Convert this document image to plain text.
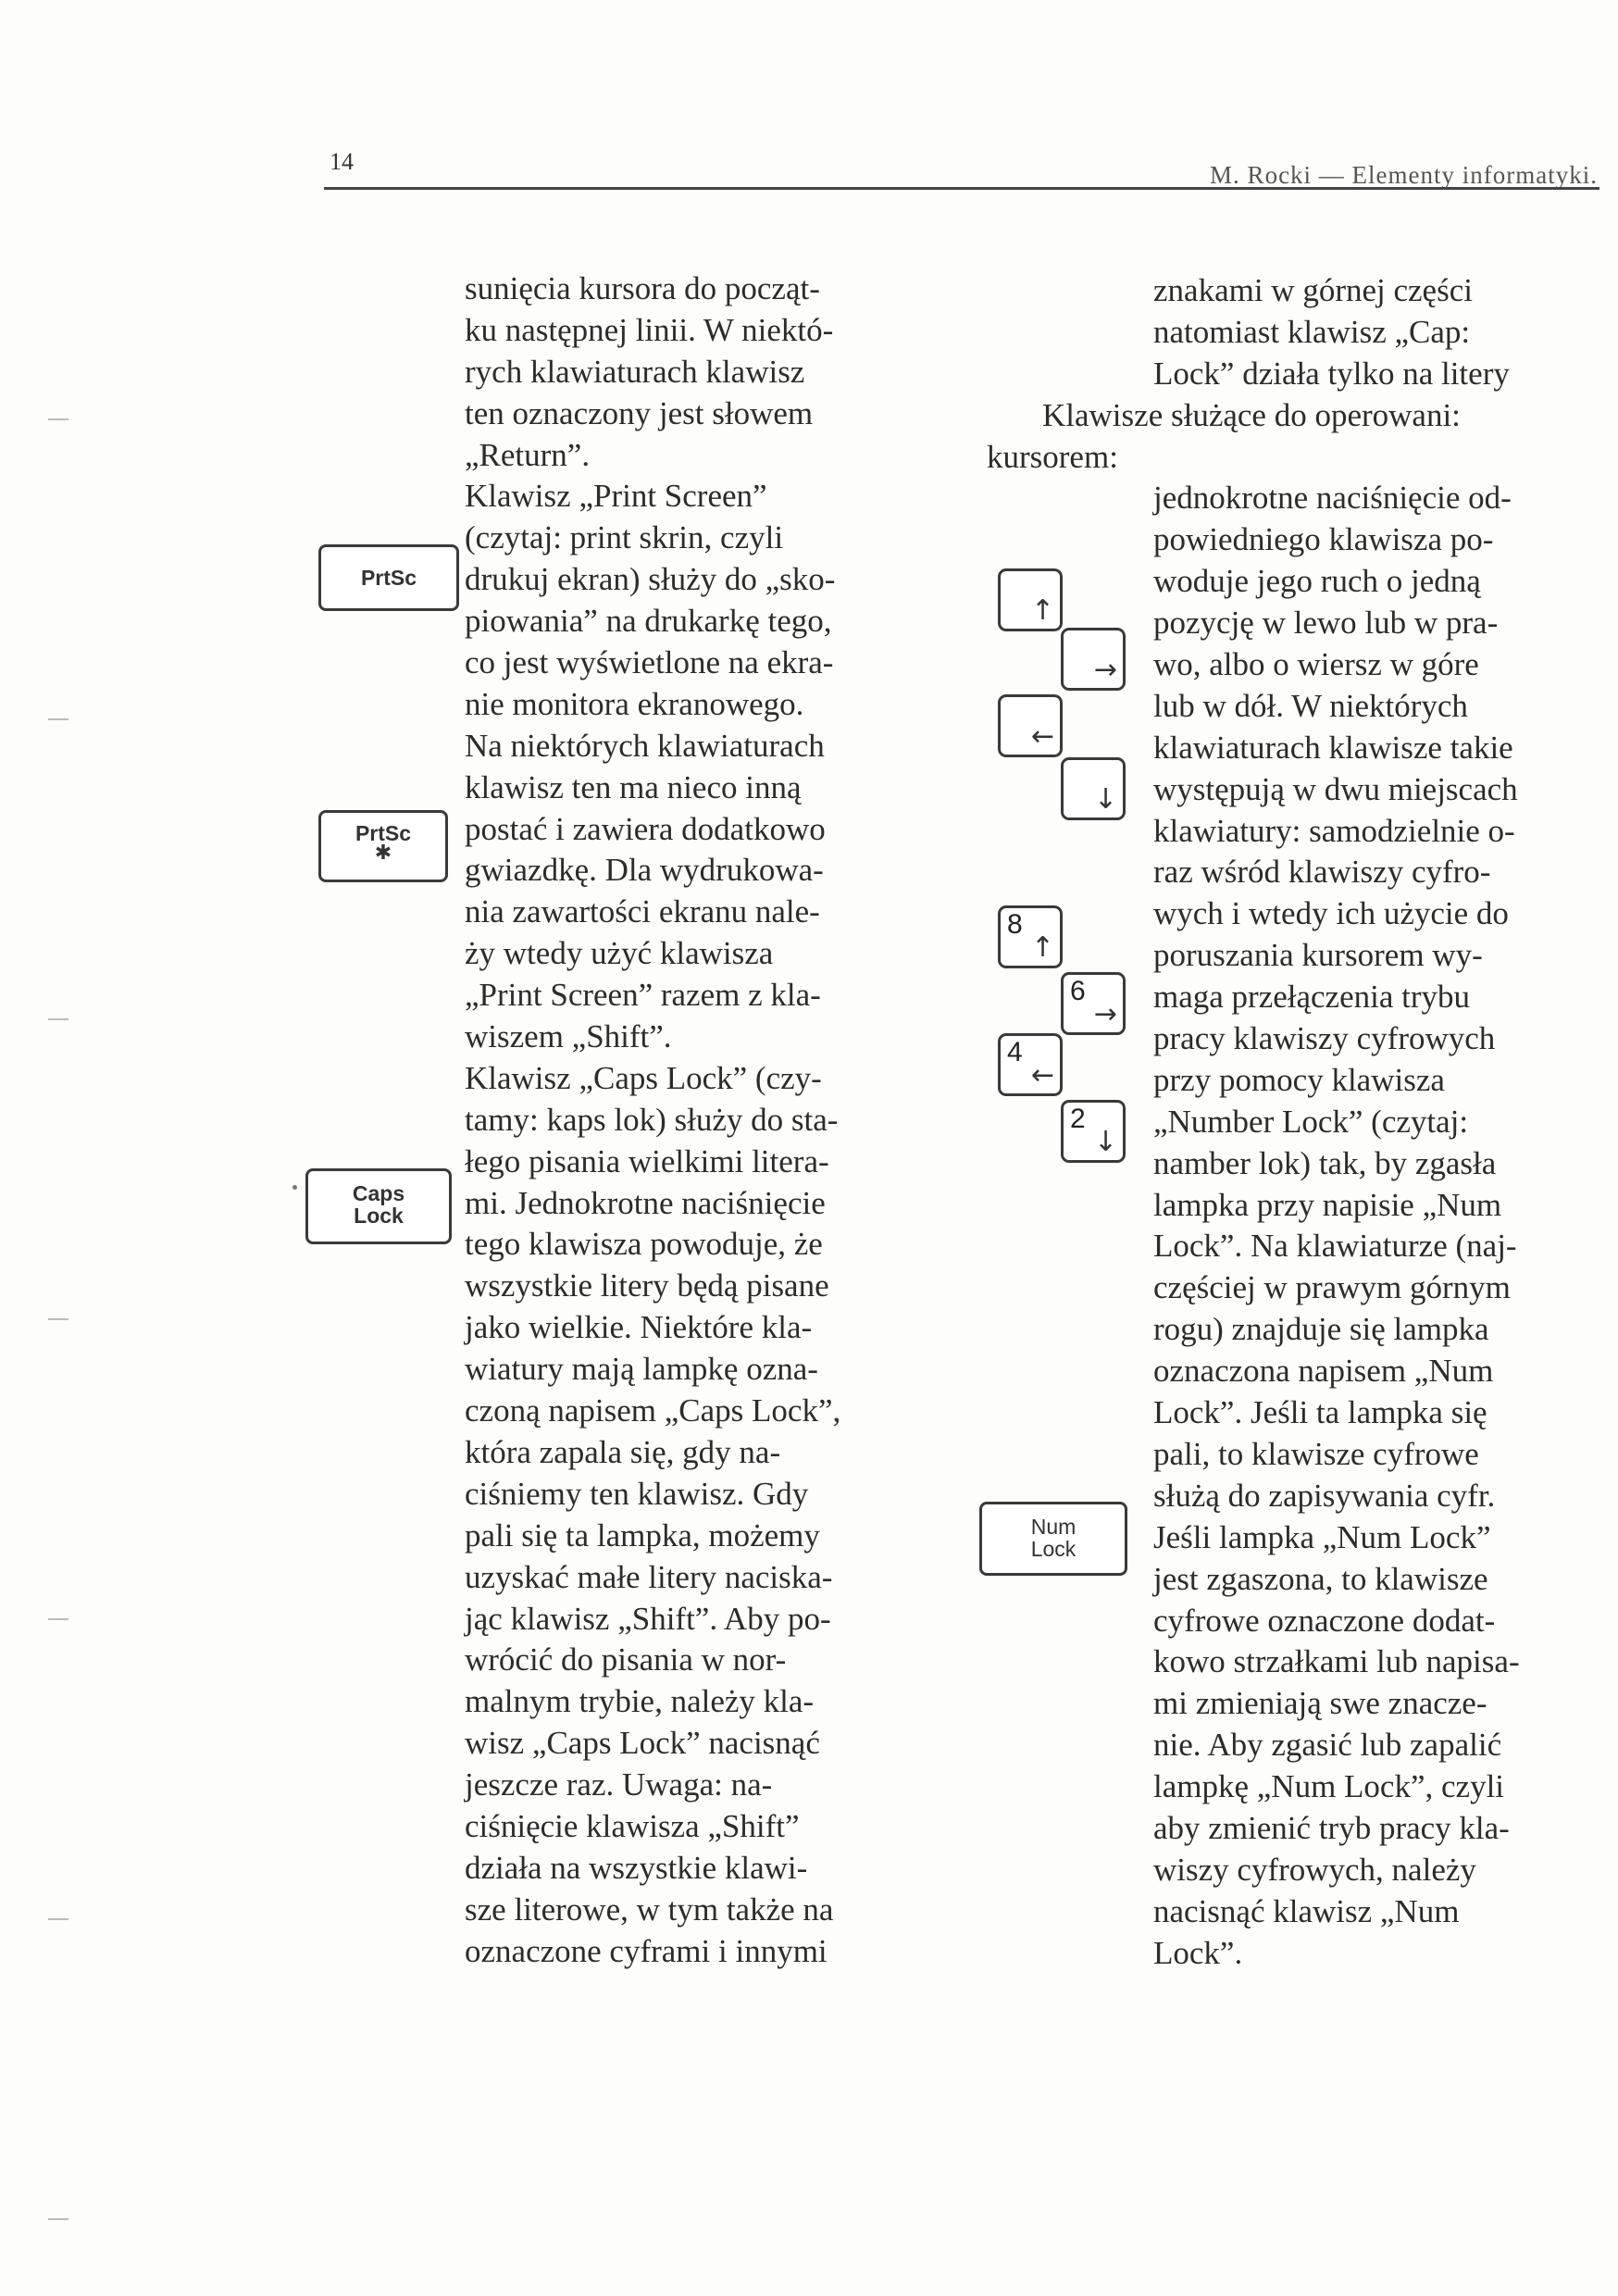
14	M. Rocki — Elementy informatyki.
sunięcia kursora do począt-
ku następnej linii. W niektó-
rych klawiaturach klawisz
ten oznaczony jest słowem
„Return”.
Klawisz „Print Screen”
(czytaj: print skrin, czyli
drukuj ekran) służy do „sko-
piowania” na drukarkę tego,
co jest wyświetlone na ekra-
nie monitora ekranowego.
Na niektórych klawiaturach
klawisz ten ma nieco inną
postać i zawiera dodatkowo
gwiazdkę. Dla wydrukowa-
nia zawartości ekranu nale-
ży wtedy użyć klawisza
„Print Screen” razem z kla-
wiszem „Shift”.
Klawisz „Caps Lock” (czy-
tamy: kaps lok) służy do sta-
łego pisania wielkimi litera-
mi. Jednokrotne naciśnięcie
tego klawisza powoduje, że
wszystkie litery będą pisane
jako wielkie. Niektóre kla-
wiatury mają lampkę ozna-
czoną napisem „Caps Lock”,
która zapala się, gdy na-
ciśniemy ten klawisz. Gdy
pali się ta lampka, możemy
uzyskać małe litery naciska-
jąc klawisz „Shift”. Aby po-
wrócić do pisania w nor-
malnym trybie, należy kla-
wisz „Caps Lock” nacisnąć
jeszcze raz. Uwaga: na-
ciśnięcie klawisza „Shift”
działa na wszystkie klawi-
sze literowe, w tym także na
oznaczone cyframi i innymi
znakami w górnej części
natomiast klawisz „Cap:
Lock” działa tylko na litery
Klawisze służące do operowani:
kursorem:
jednokrotne naciśnięcie od-
powiedniego klawisza po-
woduje jego ruch o jedną
pozycję w lewo lub w pra-
wo, albo o wiersz w góre
lub w dół. W niektórych
klawiaturach klawisze takie
występują w dwu miejscach
klawiatury: samodzielnie o-
raz wśród klawiszy cyfro-
wych i wtedy ich użycie do
poruszania kursorem wy-
maga przełączenia trybu
pracy klawiszy cyfrowych
przy pomocy klawisza
„Number Lock” (czytaj:
namber lok) tak, by zgasła
lampka przy napisie „Num
Lock”. Na klawiaturze (naj-
częściej w prawym górnym
rogu) znajduje się lampka
oznaczona napisem „Num
Lock”. Jeśli ta lampka się
pali, to klawisze cyfrowe
służą do zapisywania cyfr.
Jeśli lampka „Num Lock”
jest zgaszona, to klawisze
cyfrowe oznaczone dodat-
kowo strzałkami lub napisa-
mi zmieniają swe znacze-
nie. Aby zgasić lub zapalić
lampkę „Num Lock”, czyli
aby zmienić tryb pracy kla-
wiszy cyfrowych, należy
nacisnąć klawisz „Num
Lock”.
PrtSc
PrtSc
✱
Caps
Lock
Num
Lock
↑
→
←
↓
8
↑
6
→
4
←
2
↓
